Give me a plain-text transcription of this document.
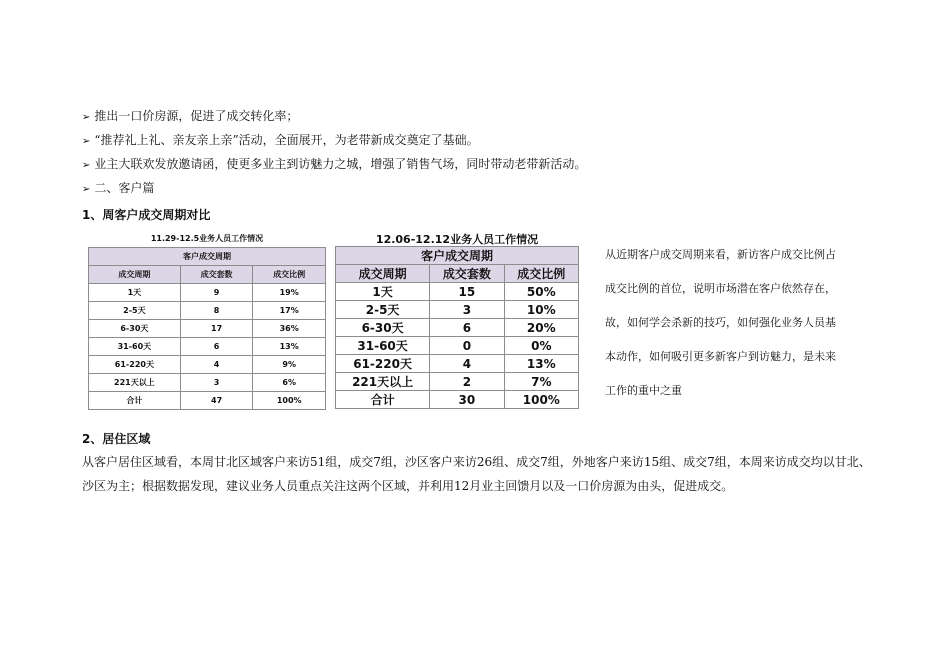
➢ 推出一口价房源，促进了成交转化率；
➢ “推荐礼上礼、亲友亲上亲”活动，全面展开，为老带新成交奠定了基础。
➢ 业主大联欢发放邀请函，使更多业主到访魅力之城，增强了销售气场，同时带动老带新活动。
➢ 二、客户篇
1、周客户成交周期对比
11.29-12.5业务人员工作情况
客户成交周期		
成交周期	成交套数	成交比例
1天	9	19%
2-5天	8	17%
6-30天	17	36%
31-60天	6	13%
61-220天	4	9%
221天以上	3	6%
合计	47	100%
12.06-12.12业务人员工作情况
客户成交周期		
成交周期	成交套数	成交比例
1天	15	50%
2-5天	3	10%
6-30天	6	20%
31-60天	0	0%
61-220天	4	13%
221天以上	2	7%
合计	30	100%
从近期客户成交周期来看，新访客户成交比例占
成交比例的首位，说明市场潜在客户依然存在，
故，如何学会杀新的技巧，如何强化业务人员基
本动作，如何吸引更多新客户到访魅力，是未来
工作的重中之重
2、居住区域
从客户居住区域看，本周甘北区域客户来访51组，成交7组，沙区客户来访26组、成交7组，外地客户来访15组、成交7组，本周来访成交均以甘北、沙区为主；根据数据发现，建议业务人员重点关注这两个区域，并利用12月业主回馈月以及一口价房源为由头，促进成交。
